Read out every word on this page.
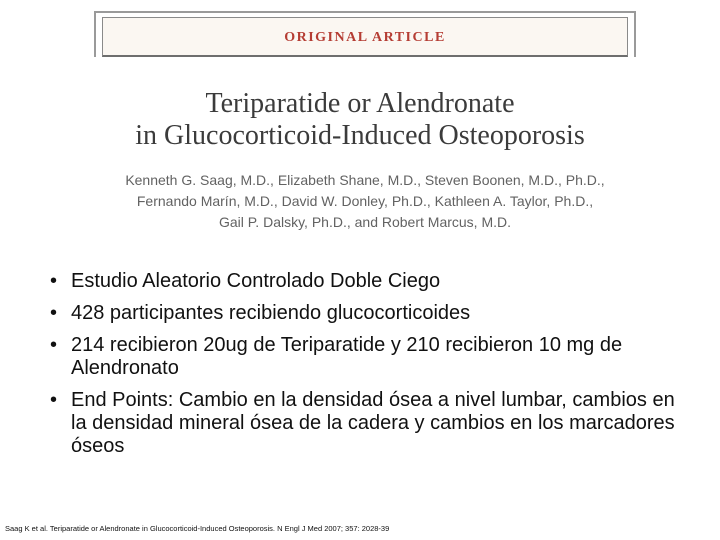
ORIGINAL ARTICLE
Teriparatide or Alendronate
in Glucocorticoid-Induced Osteoporosis
Kenneth G. Saag, M.D., Elizabeth Shane, M.D., Steven Boonen, M.D., Ph.D.,
Fernando Marín, M.D., David W. Donley, Ph.D., Kathleen A. Taylor, Ph.D.,
Gail P. Dalsky, Ph.D., and Robert Marcus, M.D.
• Estudio Aleatorio Controlado Doble Ciego
• 428 participantes recibiendo glucocorticoides
• 214 recibieron 20ug de Teriparatide y 210 recibieron 10 mg de Alendronato
• End Points: Cambio en la densidad ósea a nivel lumbar, cambios en la densidad mineral ósea de la cadera y cambios en los marcadores óseos
Saag K et al. Teriparatide or Alendronate in Glucocorticoid-Induced Osteoporosis. N Engl J Med 2007; 357: 2028-39
